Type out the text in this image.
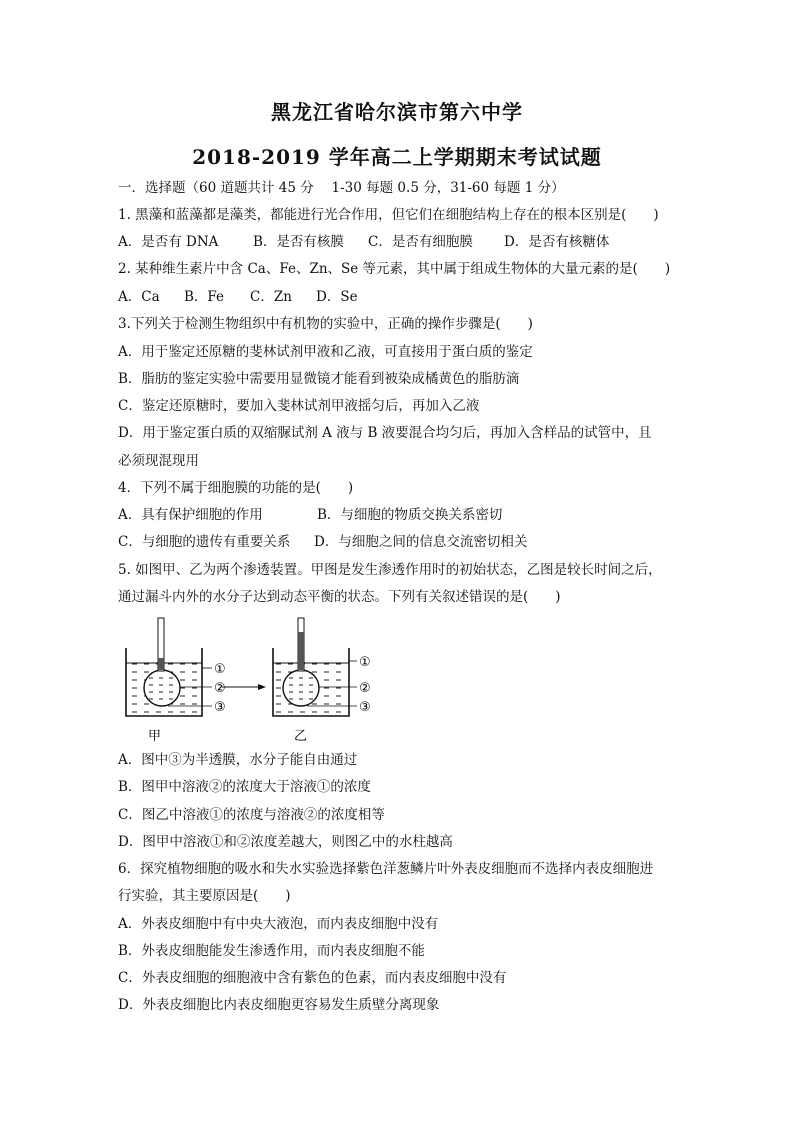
黑龙江省哈尔滨市第六中学
2018-2019 学年高二上学期期末考试试题
一．选择题（60 道题共计 45 分　 1-30 每题 0.5 分，31-60 每题 1 分）
1. 黑藻和蓝藻都是藻类，都能进行光合作用，但它们在细胞结构上存在的根本区别是(　　)
A．是否有 DNA	B．是否有核膜 C．是否有细胞膜 D．是否有核糖体
2. 某种维生素片中含 Ca、Fe、Zn、Se 等元素，其中属于组成生物体的大量元素的是(　　)
A．Ca B．Fe C．Zn D．Se
3.下列关于检测生物组织中有机物的实验中，正确的操作步骤是(　　)
A．用于鉴定还原糖的斐林试剂甲液和乙液，可直接用于蛋白质的鉴定
B．脂肪的鉴定实验中需要用显微镜才能看到被染成橘黄色的脂肪滴
C．鉴定还原糖时，要加入斐林试剂甲液摇匀后，再加入乙液
D．用于鉴定蛋白质的双缩脲试剂 A 液与 B 液要混合均匀后，再加入含样品的试管中，且
必须现混现用
4．下列不属于细胞膜的功能的是(　　)
A．具有保护细胞的作用	B．与细胞的物质交换关系密切
C．与细胞的遗传有重要关系 D．与细胞之间的信息交流密切相关
5. 如图甲、乙为两个渗透装置。甲图是发生渗透作用时的初始状态，乙图是较长时间之后，
通过漏斗内外的水分子达到动态平衡的状态。下列有关叙述错误的是(　　)
①
②
③
甲
①
②
③
乙
A．图中③为半透膜，水分子能自由通过
B．图甲中溶液②的浓度大于溶液①的浓度
C．图乙中溶液①的浓度与溶液②的浓度相等
D．图甲中溶液①和②浓度差越大，则图乙中的水柱越高
6．探究植物细胞的吸水和失水实验选择紫色洋葱鳞片叶外表皮细胞而不选择内表皮细胞进
行实验，其主要原因是(　　)
A．外表皮细胞中有中央大液泡，而内表皮细胞中没有
B．外表皮细胞能发生渗透作用，而内表皮细胞不能
C．外表皮细胞的细胞液中含有紫色的色素，而内表皮细胞中没有
D．外表皮细胞比内表皮细胞更容易发生质壁分离现象
